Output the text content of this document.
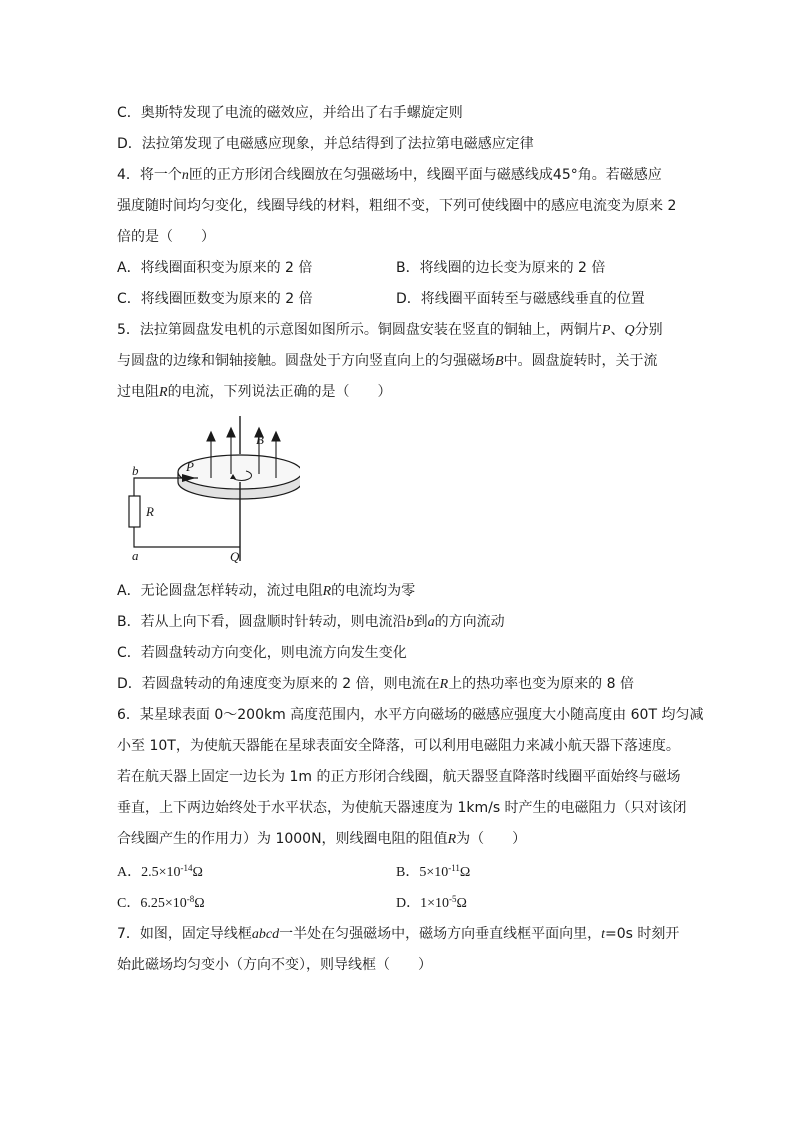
C．奥斯特发现了电流的磁效应，并给出了右手螺旋定则
D．法拉第发现了电磁感应现象，并总结得到了法拉第电磁感应定律
4．将一个n匝的正方形闭合线圈放在匀强磁场中，线圈平面与磁感线成45°角。若磁感应
强度随时间均匀变化，线圈导线的材料，粗细不变，下列可使线圈中的感应电流变为原来 2
倍的是（　　）
A．将线圈面积变为原来的 2 倍	B．将线圈的边长变为原来的 2 倍
C．将线圈匝数变为原来的 2 倍	D．将线圈平面转至与磁感线垂直的位置
5．法拉第圆盘发电机的示意图如图所示。铜圆盘安装在竖直的铜轴上，两铜片P、Q分别
与圆盘的边缘和铜轴接触。圆盘处于方向竖直向上的匀强磁场B中。圆盘旋转时，关于流
过电阻R的电流，下列说法正确的是（　　）
B
P
Q
R
b
a
A．无论圆盘怎样转动，流过电阻R的电流均为零
B．若从上向下看，圆盘顺时针转动，则电流沿b到a的方向流动
C．若圆盘转动方向变化，则电流方向发生变化
D．若圆盘转动的角速度变为原来的 2 倍，则电流在R上的热功率也变为原来的 8 倍
6．某星球表面 0～200km 高度范围内，水平方向磁场的磁感应强度大小随高度由 60T 均匀减
小至 10T，为使航天器能在星球表面安全降落，可以利用电磁阻力来减小航天器下落速度。
若在航天器上固定一边长为 1m 的正方形闭合线圈，航天器竖直降落时线圈平面始终与磁场
垂直，上下两边始终处于水平状态，为使航天器速度为 1km/s 时产生的电磁阻力（只对该闭
合线圈产生的作用力）为 1000N，则线圈电阻的阻值R为（　　）
A．$2.5\times 10^{-14}\Omega$	B．$5\times 10^{-11}\Omega$
C．$6.25\times 10^{-8}\Omega$	D．$1\times 10^{-5}\Omega$
7．如图，固定导线框abcd一半处在匀强磁场中，磁场方向垂直线框平面向里，t=0s 时刻开
始此磁场均匀变小（方向不变），则导线框（　　）
